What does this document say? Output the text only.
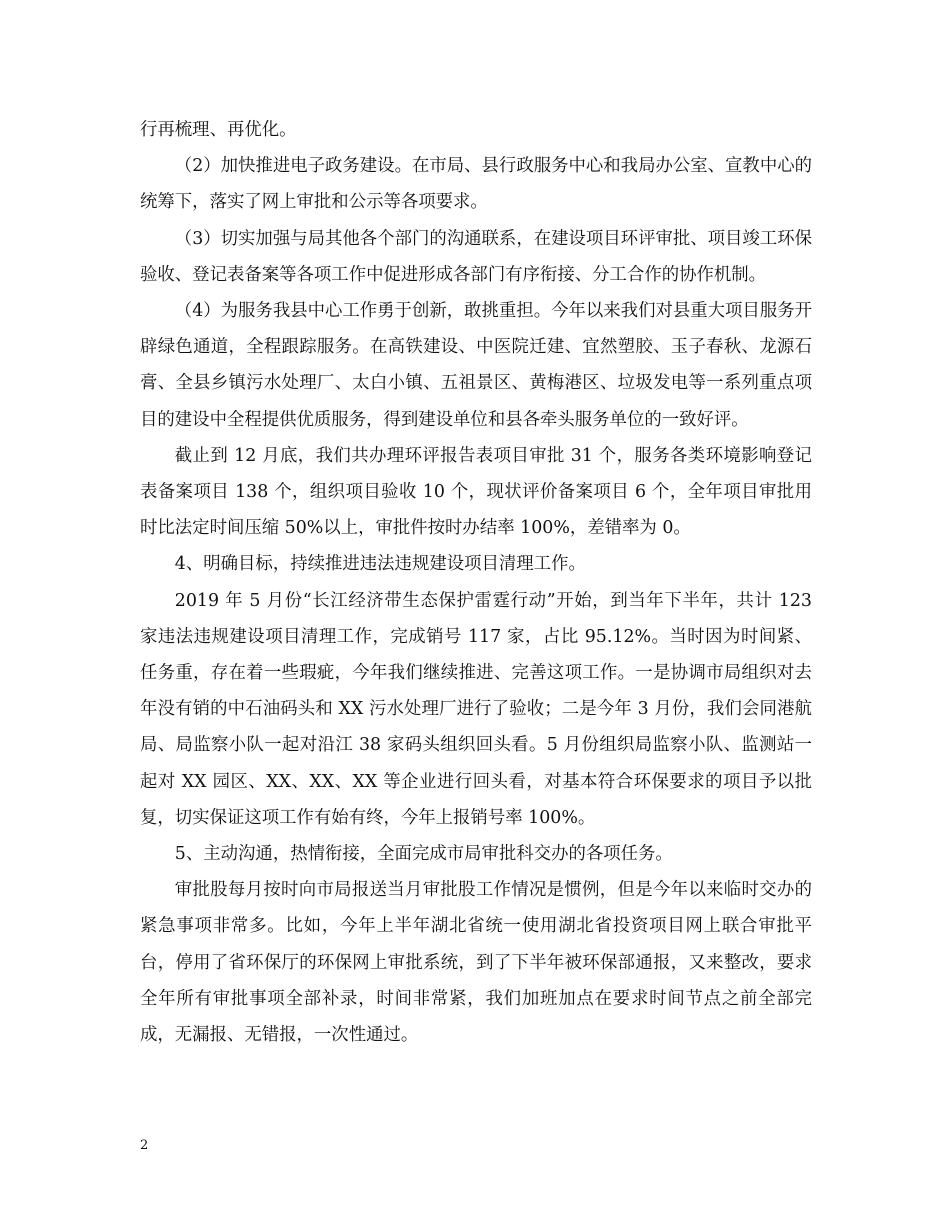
行再梳理、再优化。

（2）加快推进电子政务建设。在市局、县行政服务中心和我局办公室、宣教中心的统筹下，落实了网上审批和公示等各项要求。

（3）切实加强与局其他各个部门的沟通联系，在建设项目环评审批、项目竣工环保验收、登记表备案等各项工作中促进形成各部门有序衔接、分工合作的协作机制。

（4）为服务我县中心工作勇于创新，敢挑重担。今年以来我们对县重大项目服务开辟绿色通道，全程跟踪服务。在高铁建设、中医院迁建、宜然塑胶、玉子春秋、龙源石膏、全县乡镇污水处理厂、太白小镇、五祖景区、黄梅港区、垃圾发电等一系列重点项目的建设中全程提供优质服务，得到建设单位和县各牵头服务单位的一致好评。

截止到 12 月底，我们共办理环评报告表项目审批 31 个，服务各类环境影响登记表备案项目 138 个，组织项目验收 10 个，现状评价备案项目 6 个，全年项目审批用时比法定时间压缩 50%以上，审批件按时办结率 100%，差错率为 0。

4、明确目标，持续推进违法违规建设项目清理工作。

2019 年 5 月份“长江经济带生态保护雷霆行动”开始，到当年下半年，共计 123 家违法违规建设项目清理工作，完成销号 117 家，占比 95.12%。当时因为时间紧、任务重，存在着一些瑕疵，今年我们继续推进、完善这项工作。一是协调市局组织对去年没有销的中石油码头和 XX 污水处理厂进行了验收；二是今年 3 月份，我们会同港航局、局监察小队一起对沿江 38 家码头组织回头看。5 月份组织局监察小队、监测站一起对 XX 园区、XX、XX、XX 等企业进行回头看，对基本符合环保要求的项目予以批复，切实保证这项工作有始有终，今年上报销号率 100%。

5、主动沟通，热情衔接，全面完成市局审批科交办的各项任务。

审批股每月按时向市局报送当月审批股工作情况是惯例，但是今年以来临时交办的紧急事项非常多。比如，今年上半年湖北省统一使用湖北省投资项目网上联合审批平台，停用了省环保厅的环保网上审批系统，到了下半年被环保部通报，又来整改，要求全年所有审批事项全部补录，时间非常紧，我们加班加点在要求时间节点之前全部完成，无漏报、无错报，一次性通过。

2
